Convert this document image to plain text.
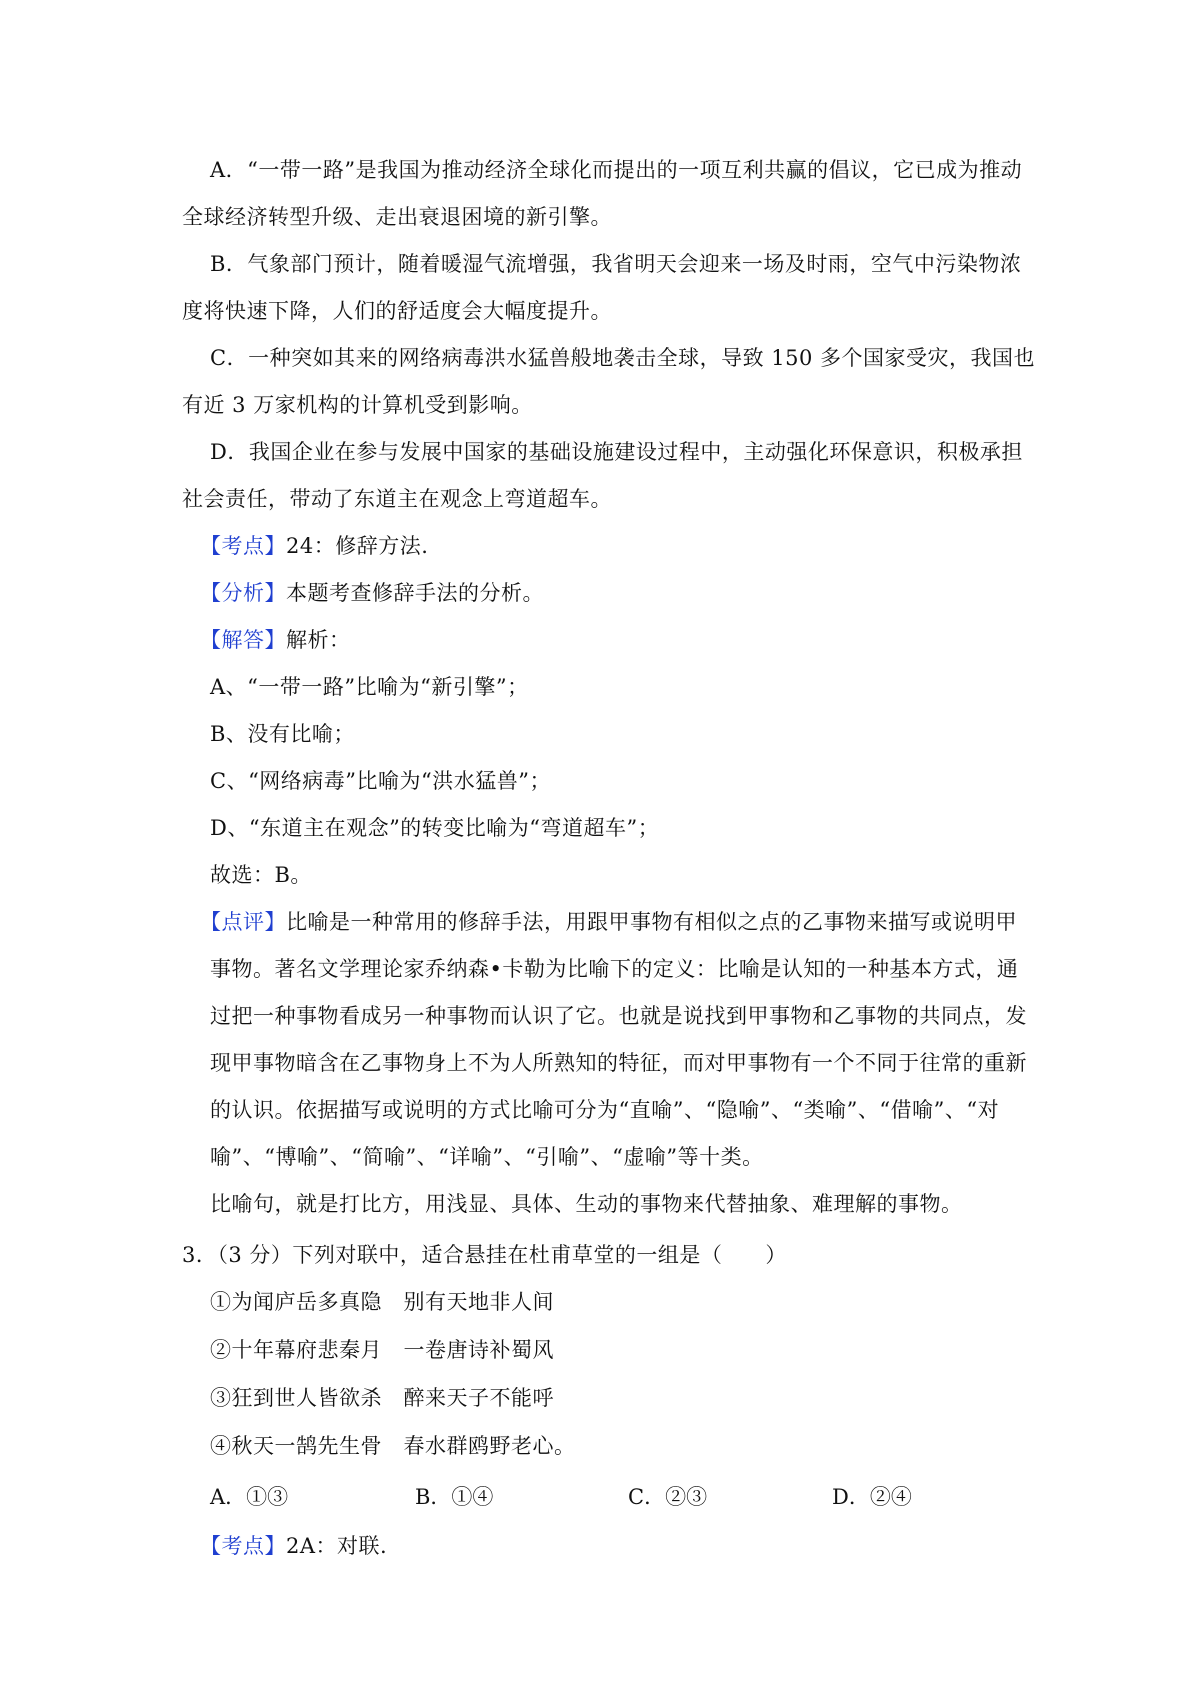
A．“一带一路”是我国为推动经济全球化而提出的一项互利共赢的倡议，它已成为推动
全球经济转型升级、走出衰退困境的新引擎。
B．气象部门预计，随着暖湿气流增强，我省明天会迎来一场及时雨，空气中污染物浓
度将快速下降，人们的舒适度会大幅度提升。
C．一种突如其来的网络病毒洪水猛兽般地袭击全球，导致 150 多个国家受灾，我国也
有近 3 万家机构的计算机受到影响。
D．我国企业在参与发展中国家的基础设施建设过程中，主动强化环保意识，积极承担
社会责任，带动了东道主在观念上弯道超车。
【考点】24：修辞方法.
【分析】本题考查修辞手法的分析。
【解答】解析：
A、“一带一路”比喻为“新引擎”；
B、没有比喻；
C、“网络病毒”比喻为“洪水猛兽”；
D、“东道主在观念”的转变比喻为“弯道超车”；
故选：B。
【点评】比喻是一种常用的修辞手法，用跟甲事物有相似之点的乙事物来描写或说明甲
事物。著名文学理论家乔纳森•卡勒为比喻下的定义：比喻是认知的一种基本方式，通
过把一种事物看成另一种事物而认识了它。也就是说找到甲事物和乙事物的共同点，发
现甲事物暗含在乙事物身上不为人所熟知的特征，而对甲事物有一个不同于往常的重新
的认识。依据描写或说明的方式比喻可分为“直喻”、“隐喻”、“类喻”、“借喻”、“对
喻”、“博喻”、“简喻”、“详喻”、“引喻”、“虚喻”等十类。
比喻句，就是打比方，用浅显、具体、生动的事物来代替抽象、难理解的事物。
3．（3 分）下列对联中，适合悬挂在杜甫草堂的一组是（　　）
①为闻庐岳多真隐　别有天地非人间
②十年幕府悲秦月　一卷唐诗补蜀风
③狂到世人皆欲杀　醉来天子不能呼
④秋天一鹄先生骨　春水群鸥野老心。
A．①③	B．①④	C．②③	D．②④
【考点】2A：对联.
